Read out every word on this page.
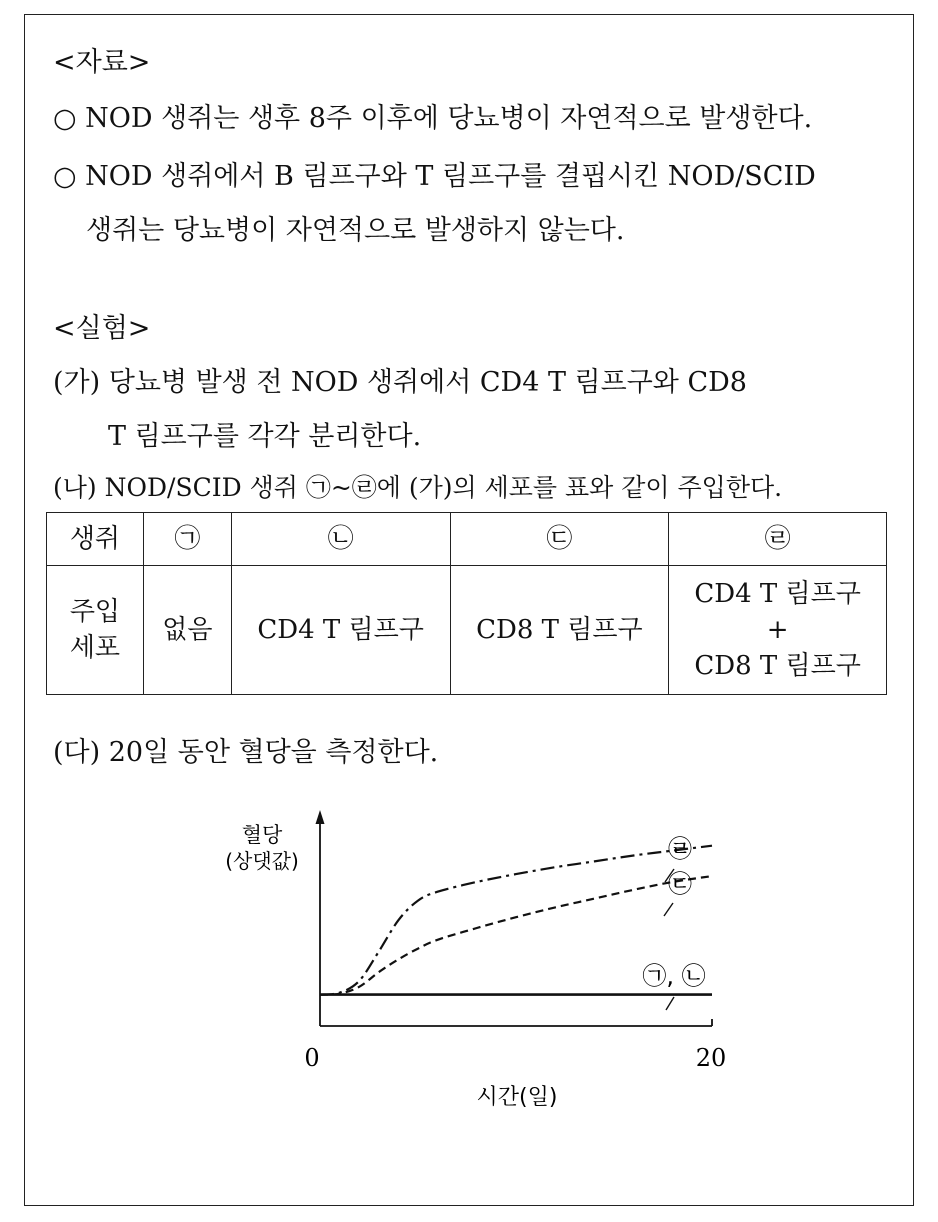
<자료>
○ NOD 생쥐는 생후 8주 이후에 당뇨병이 자연적으로 발생한다.
○ NOD 생쥐에서 B 림프구와 T 림프구를 결핍시킨 NOD/SCID
생쥐는 당뇨병이 자연적으로 발생하지 않는다.
<실험>
(가) 당뇨병 발생 전 NOD 생쥐에서 CD4 T 림프구와 CD8
T 림프구를 각각 분리한다.
(나) NOD/SCID 생쥐 ㉠~㉣에 (가)의 세포를 표와 같이 주입한다.
생쥐	㉠	㉡	㉢	㉣

주입
세포	없음	CD4 T 림프구	CD8 T 림프구	CD4 T 림프구
+
CD8 T 림프구
(다) 20일 동안 혈당을 측정한다.
혈당
(상댓값)
0	20
시간(일)
㉣
㉢
㉠, ㉡
